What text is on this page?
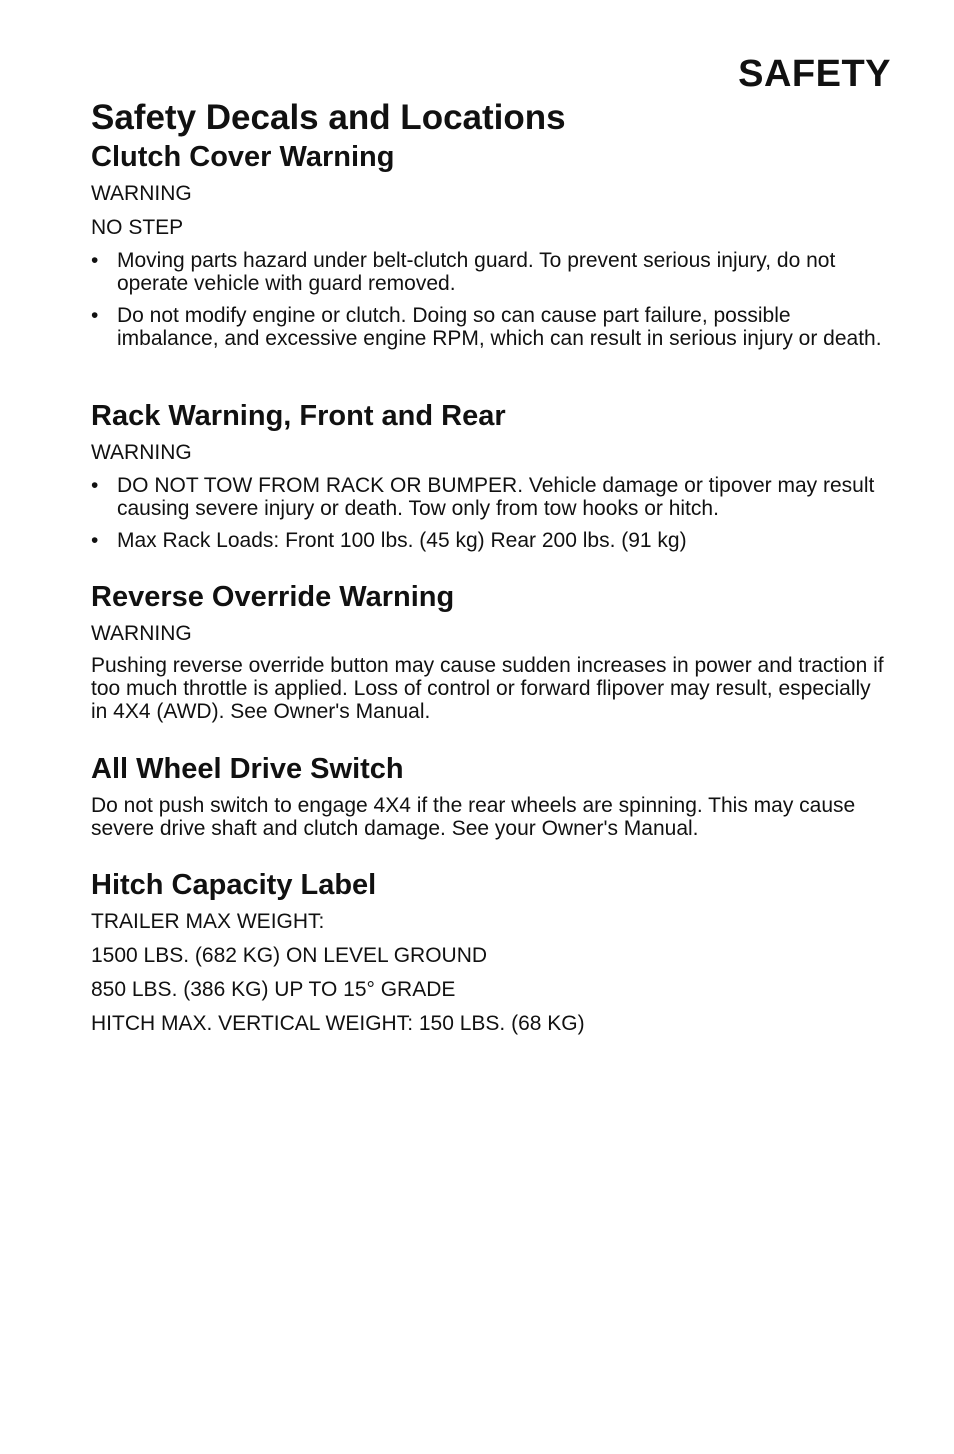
SAFETY
Safety Decals and Locations
Clutch Cover Warning

WARNING

NO STEP

• Moving parts hazard under belt-clutch guard. To prevent serious injury, do not operate vehicle with guard removed.
• Do not modify engine or clutch. Doing so can cause part failure, possible imbalance, and excessive engine RPM, which can result in serious injury or death.
Rack Warning, Front and Rear

WARNING

• DO NOT TOW FROM RACK OR BUMPER. Vehicle damage or tipover may result causing severe injury or death. Tow only from tow hooks or hitch.
• Max Rack Loads: Front 100 lbs. (45 kg) Rear 200 lbs. (91 kg)
Reverse Override Warning

WARNING

Pushing reverse override button may cause sudden increases in power and traction if too much throttle is applied. Loss of control or forward flipover may result, especially in 4X4 (AWD). See Owner's Manual.

All Wheel Drive Switch

Do not push switch to engage 4X4 if the rear wheels are spinning. This may cause severe drive shaft and clutch damage. See your Owner's Manual.

Hitch Capacity Label

TRAILER MAX WEIGHT:

1500 LBS. (682 KG) ON LEVEL GROUND

850 LBS. (386 KG) UP TO 15° GRADE

HITCH MAX. VERTICAL WEIGHT: 150 LBS. (68 KG)
